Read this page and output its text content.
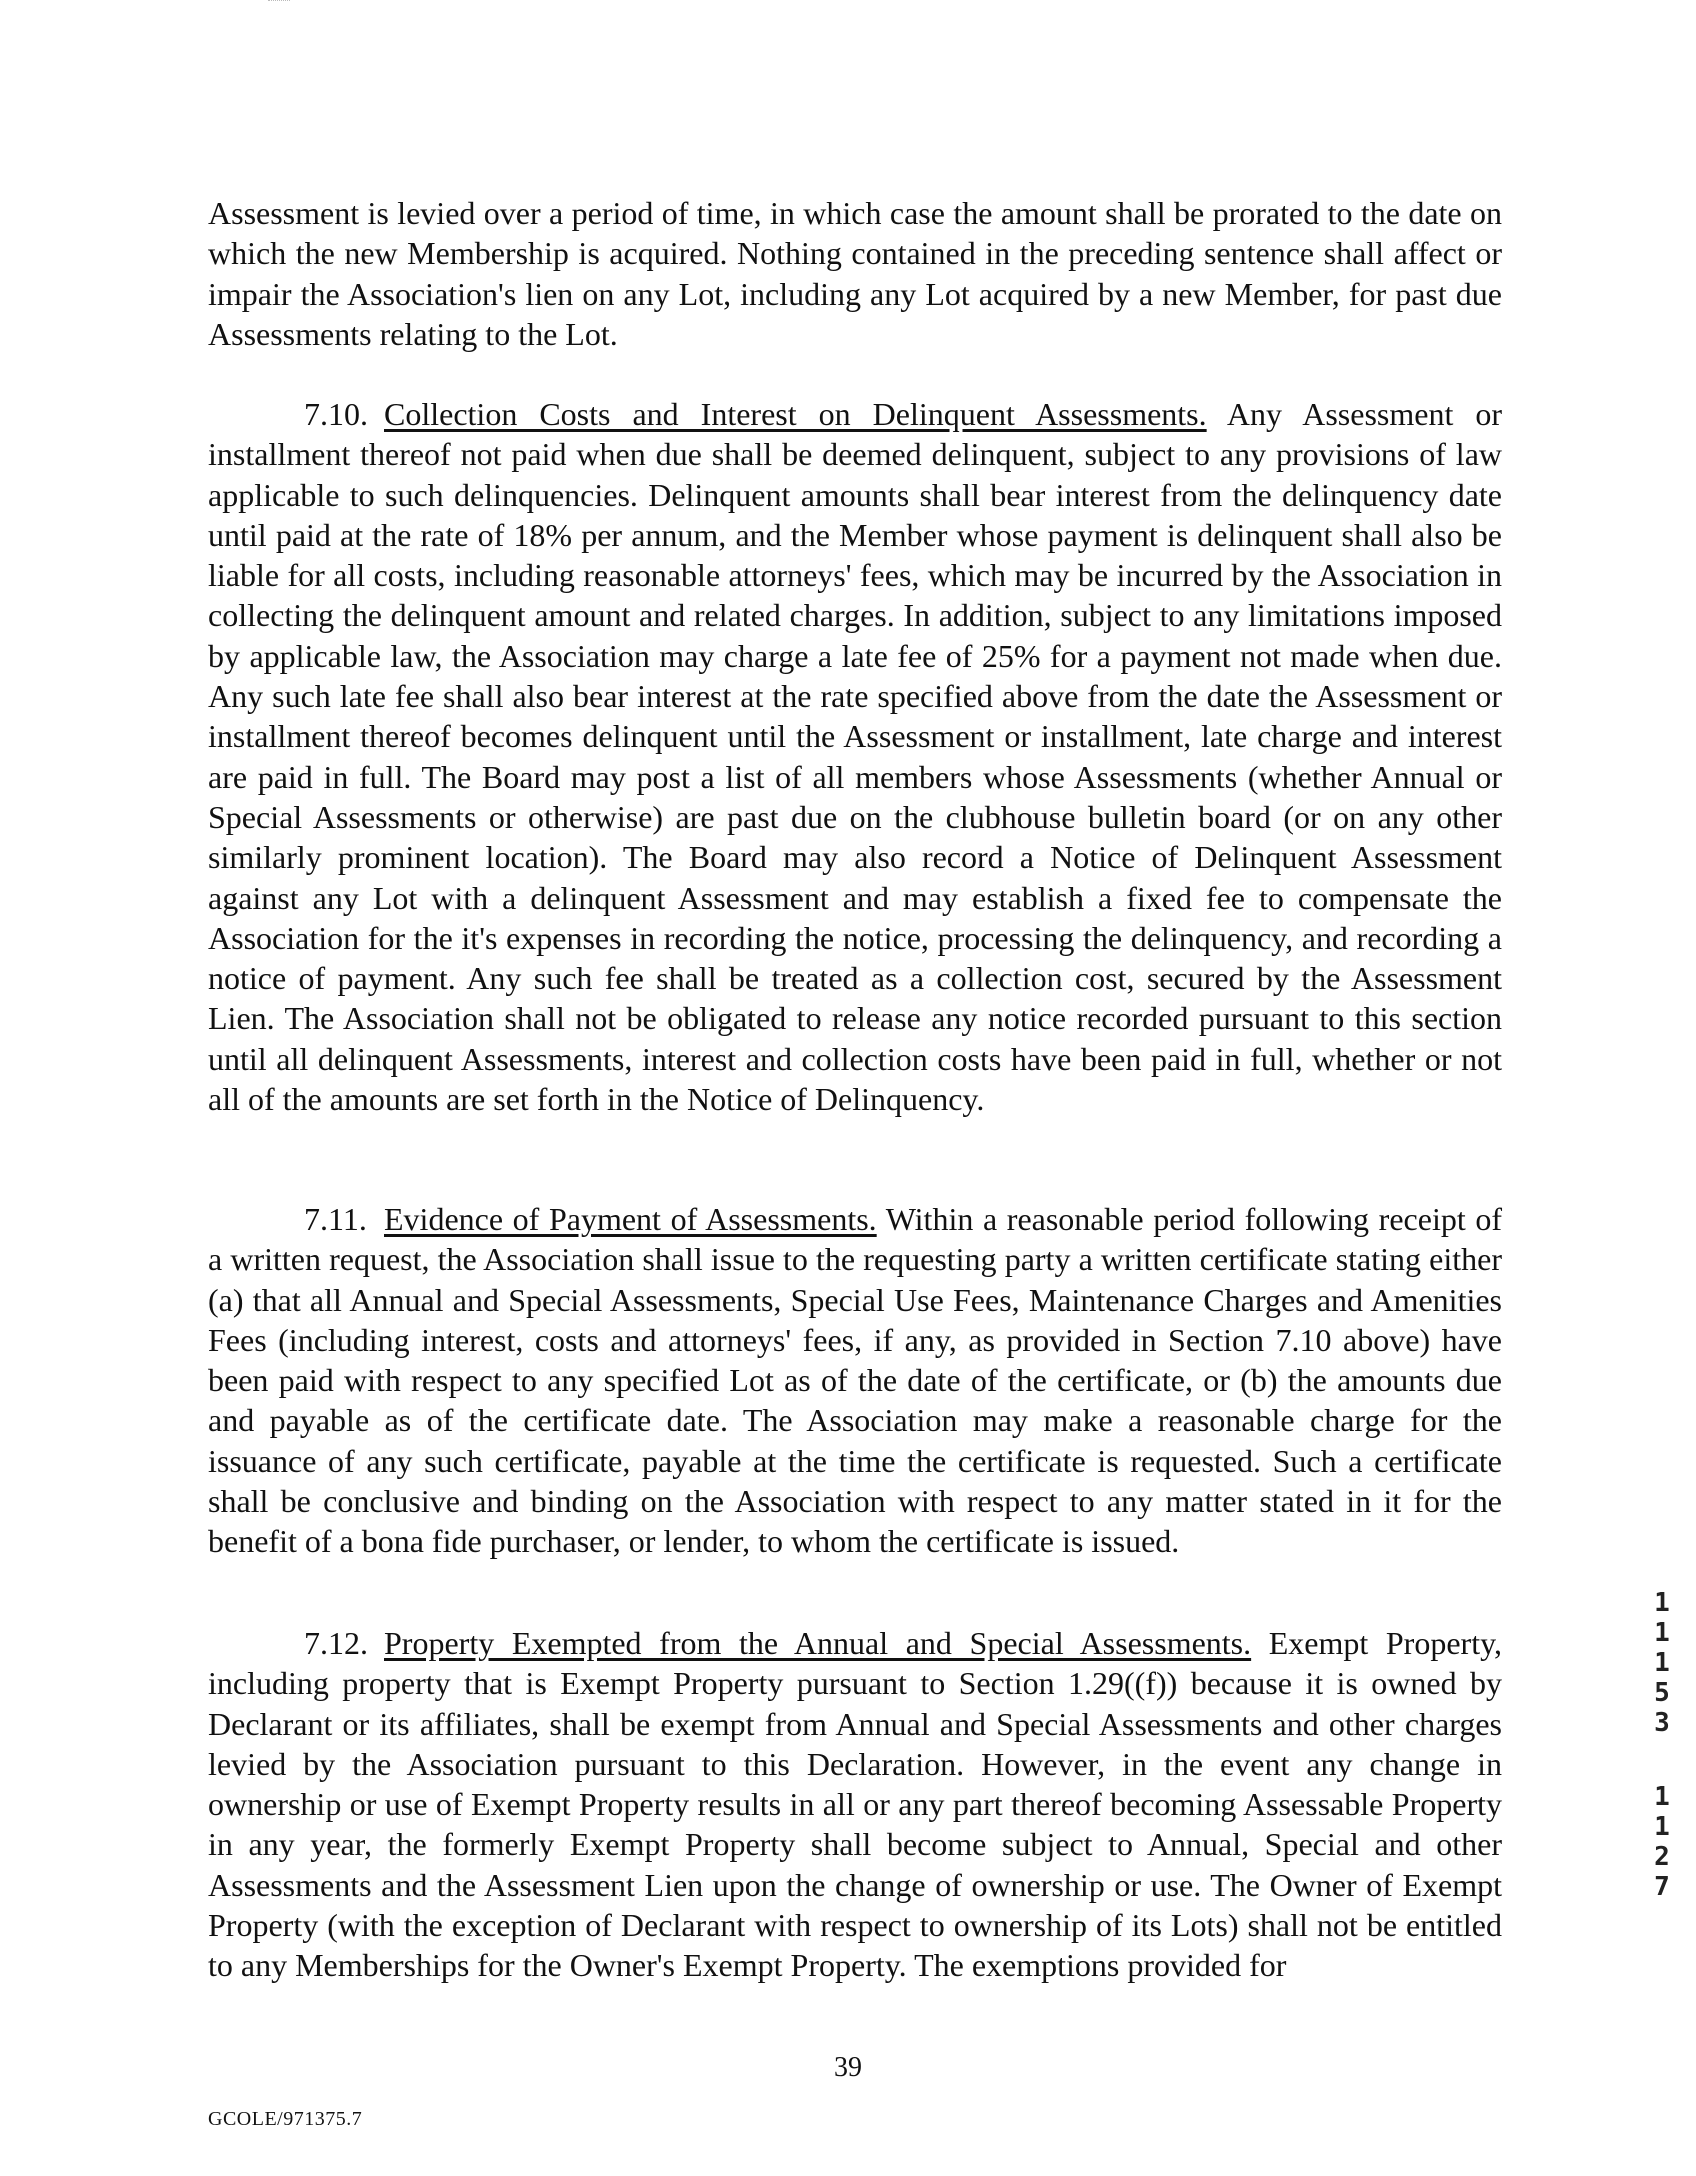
Assessment is levied over a period of time, in which case the amount shall be prorated to the date on which the new Membership is acquired. Nothing contained in the preceding sentence shall affect or impair the Association's lien on any Lot, including any Lot acquired by a new Member, for past due Assessments relating to the Lot.

7.10. Collection Costs and Interest on Delinquent Assessments. Any Assessment or installment thereof not paid when due shall be deemed delinquent, subject to any provisions of law applicable to such delinquencies. Delinquent amounts shall bear interest from the delinquency date until paid at the rate of 18% per annum, and the Member whose payment is delinquent shall also be liable for all costs, including reasonable attorneys' fees, which may be incurred by the Association in collecting the delinquent amount and related charges. In addition, subject to any limitations imposed by applicable law, the Association may charge a late fee of 25% for a payment not made when due. Any such late fee shall also bear interest at the rate specified above from the date the Assessment or installment thereof becomes delinquent until the Assessment or installment, late charge and interest are paid in full. The Board may post a list of all members whose Assessments (whether Annual or Special Assessments or otherwise) are past due on the clubhouse bulletin board (or on any other similarly prominent location). The Board may also record a Notice of Delinquent Assessment against any Lot with a delinquent Assessment and may establish a fixed fee to compensate the Association for the it's expenses in recording the notice, processing the delinquency, and recording a notice of payment. Any such fee shall be treated as a collection cost, secured by the Assessment Lien. The Association shall not be obligated to release any notice recorded pursuant to this section until all delinquent Assessments, interest and collection costs have been paid in full, whether or not all of the amounts are set forth in the Notice of Delinquency.

7.11. Evidence of Payment of Assessments. Within a reasonable period following receipt of a written request, the Association shall issue to the requesting party a written certificate stating either (a) that all Annual and Special Assessments, Special Use Fees, Maintenance Charges and Amenities Fees (including interest, costs and attorneys' fees, if any, as provided in Section 7.10 above) have been paid with respect to any specified Lot as of the date of the certificate, or (b) the amounts due and payable as of the certificate date. The Association may make a reasonable charge for the issuance of any such certificate, payable at the time the certificate is requested. Such a certificate shall be conclusive and binding on the Association with respect to any matter stated in it for the benefit of a bona fide purchaser, or lender, to whom the certificate is issued.

7.12. Property Exempted from the Annual and Special Assessments. Exempt Property, including property that is Exempt Property pursuant to Section 1.29((f)) because it is owned by Declarant or its affiliates, shall be exempt from Annual and Special Assessments and other charges levied by the Association pursuant to this Declaration. However, in the event any change in ownership or use of Exempt Property results in all or any part thereof becoming Assessable Property in any year, the formerly Exempt Property shall become subject to Annual, Special and other Assessments and the Assessment Lien upon the change of ownership or use. The Owner of Exempt Property (with the exception of Declarant with respect to ownership of its Lots) shall not be entitled to any Memberships for the Owner's Exempt Property. The exemptions provided for

39
GCOLE/971375.7
1
1
1
5
3
1
1
2
7
